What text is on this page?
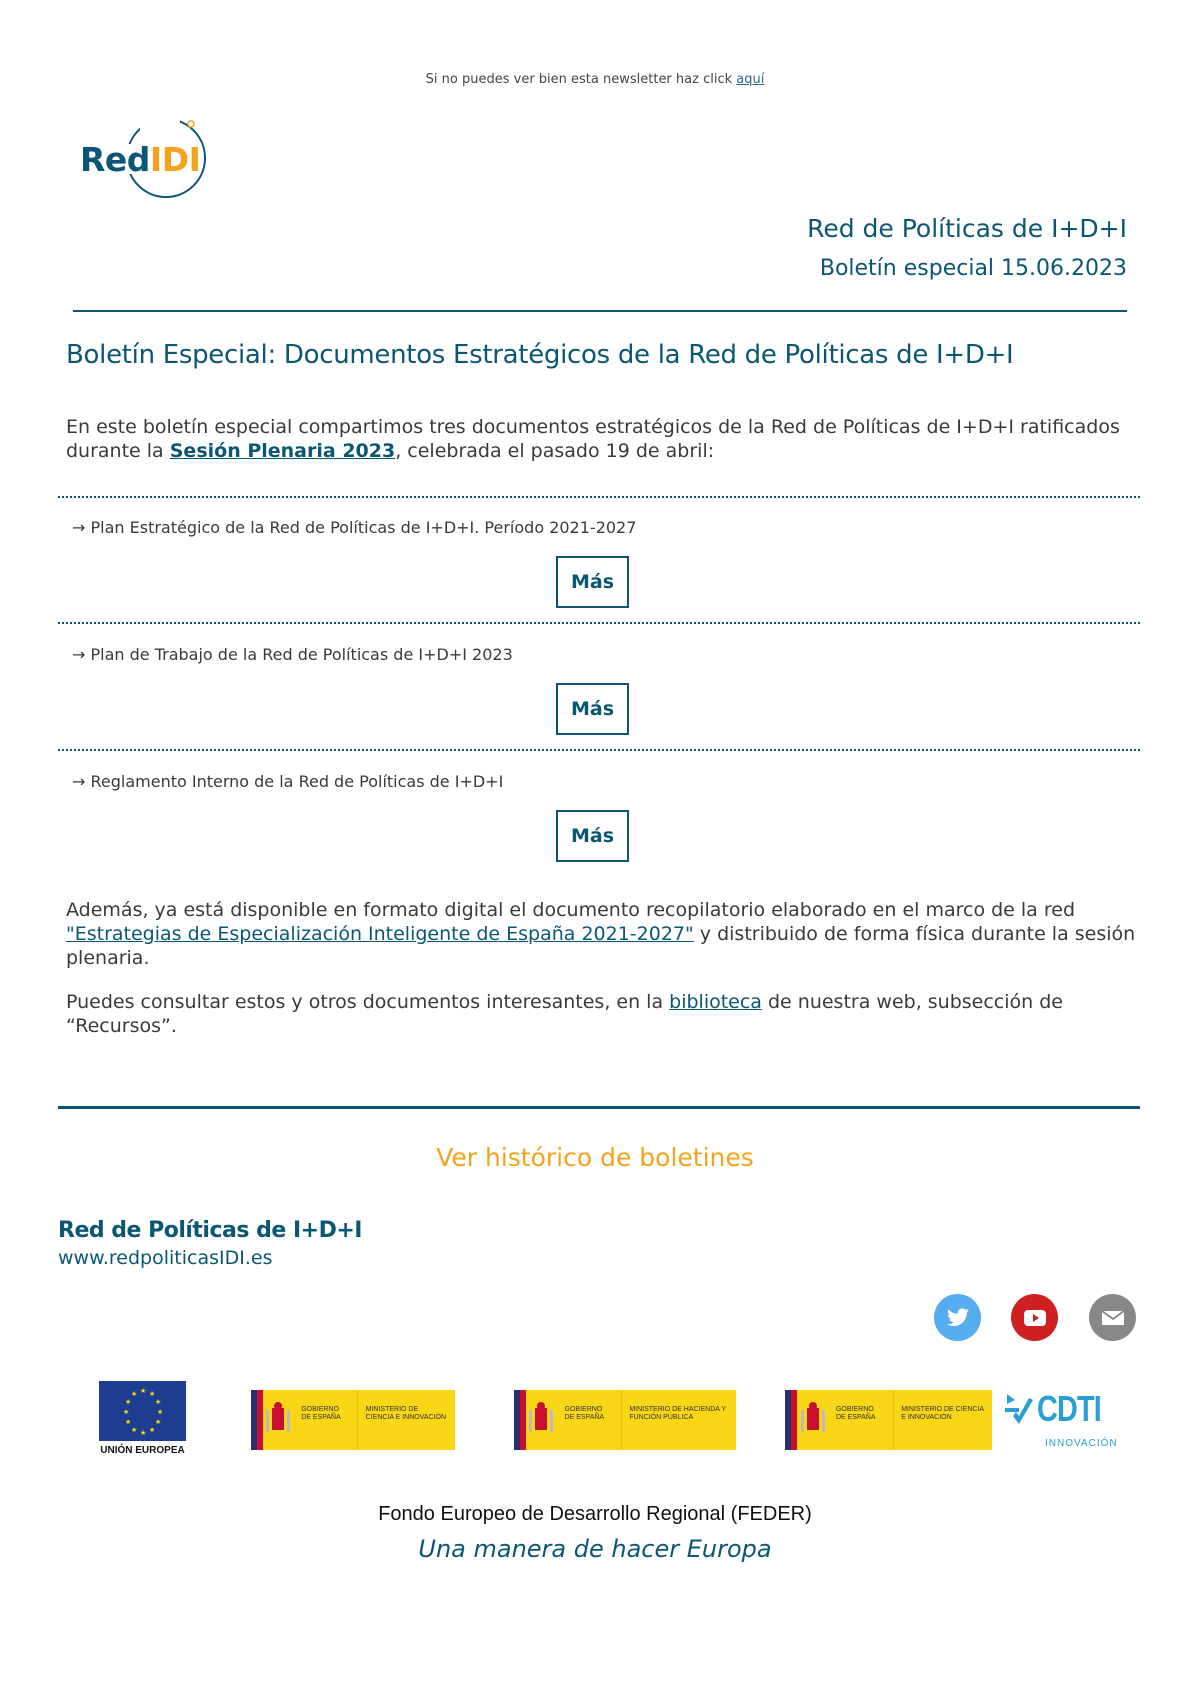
Si no puedes ver bien esta newsletter haz click aquí
RedIDI
Red de Políticas de I+D+I
Boletín especial 15.06.2023
Boletín Especial: Documentos Estratégicos de la Red de Políticas de I+D+I
En este boletín especial compartimos tres documentos estratégicos de la Red de Políticas de I+D+I ratificados durante la Sesión Plenaria 2023, celebrada el pasado 19 de abril:
→ Plan Estratégico de la Red de Políticas de I+D+I. Período 2021-2027
Más
→ Plan de Trabajo de la Red de Políticas de I+D+I 2023
Más
→ Reglamento Interno de la Red de Políticas de I+D+I
Más
Además, ya está disponible en formato digital el documento recopilatorio elaborado en el marco de la red "Estrategias de Especialización Inteligente de España 2021-2027" y distribuido de forma física durante la sesión plenaria.
Puedes consultar estos y otros documentos interesantes, en la biblioteca de nuestra web, subsección de “Recursos”.
Ver histórico de boletines
Red de Políticas de I+D+I
www.redpoliticasIDI.es
★ ★
★
★
★
★
★
★
★
★
★
★
UNIÓN EUROPEA
GOBIERNO DE ESPAÑA
MINISTERIO DE CIENCIA E INNOVACIÓN
GOBIERNO DE ESPAÑA
MINISTERIO DE HACIENDA Y FUNCIÓN PÚBLICA
GOBIERNO DE ESPAÑA
MINISTERIO DE CIENCIA E INNOVACIÓN	CDTI
INNOVACIÓN
Fondo Europeo de Desarrollo Regional (FEDER)
Una manera de hacer Europa
